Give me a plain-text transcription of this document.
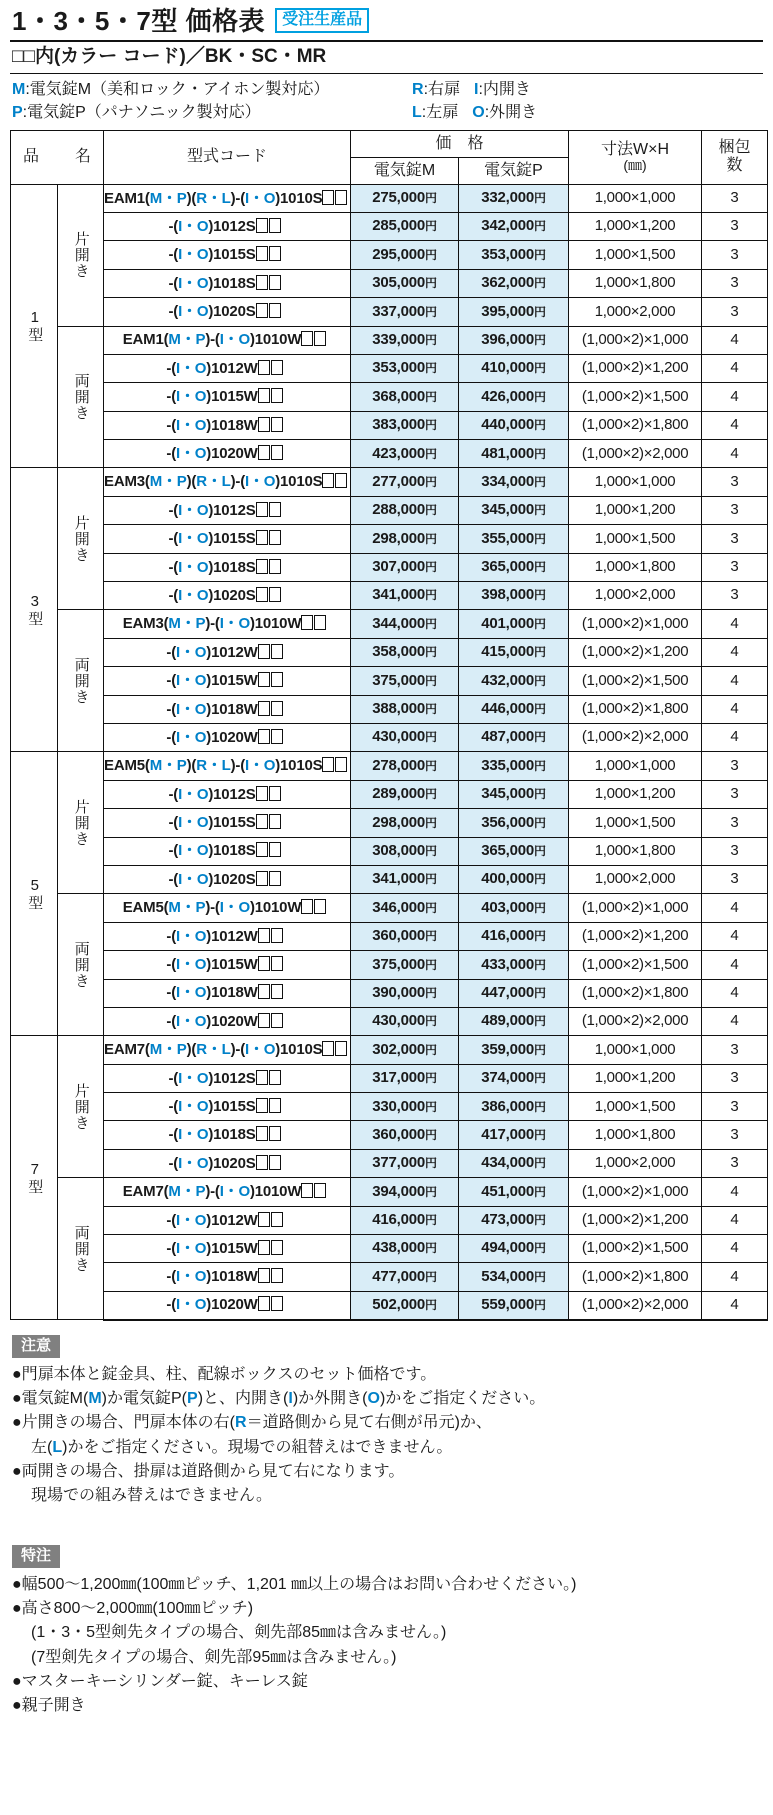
1・3・5・7型 価格表	受注生産品
□□内(カラー コード)／BK・SC・MR
M:電気錠M（美和ロック・アイホン製対応）
P:電気錠P（パナソニック製対応）
R:右扉 I:内開き
L:左扉 O:外開き
品　名	型式コード	価　格	寸法W×H
(㎜)

梱包
数

			電気錠M	電気錠P		
1型	片開き	EAM1(M・P)(R・L)-(I・O)1010S	275,000円	332,000円	1,000×1,000	3
		-(I・O)1012S	285,000円	342,000円	1,000×1,200	3
		-(I・O)1015S	295,000円	353,000円	1,000×1,500	3
		-(I・O)1018S	305,000円	362,000円	1,000×1,800	3
		-(I・O)1020S	337,000円	395,000円	1,000×2,000	3
	両開き	EAM1(M・P)-(I・O)1010W	339,000円	396,000円	(1,000×2)×1,000	4
		-(I・O)1012W	353,000円	410,000円	(1,000×2)×1,200	4
		-(I・O)1015W	368,000円	426,000円	(1,000×2)×1,500	4
		-(I・O)1018W	383,000円	440,000円	(1,000×2)×1,800	4
		-(I・O)1020W	423,000円	481,000円	(1,000×2)×2,000	4
3型	片開き	EAM3(M・P)(R・L)-(I・O)1010S	277,000円	334,000円	1,000×1,000	3
		-(I・O)1012S	288,000円	345,000円	1,000×1,200	3
		-(I・O)1015S	298,000円	355,000円	1,000×1,500	3
		-(I・O)1018S	307,000円	365,000円	1,000×1,800	3
		-(I・O)1020S	341,000円	398,000円	1,000×2,000	3
	両開き	EAM3(M・P)-(I・O)1010W	344,000円	401,000円	(1,000×2)×1,000	4
		-(I・O)1012W	358,000円	415,000円	(1,000×2)×1,200	4
		-(I・O)1015W	375,000円	432,000円	(1,000×2)×1,500	4
		-(I・O)1018W	388,000円	446,000円	(1,000×2)×1,800	4
		-(I・O)1020W	430,000円	487,000円	(1,000×2)×2,000	4
5型	片開き	EAM5(M・P)(R・L)-(I・O)1010S	278,000円	335,000円	1,000×1,000	3
		-(I・O)1012S	289,000円	345,000円	1,000×1,200	3
		-(I・O)1015S	298,000円	356,000円	1,000×1,500	3
		-(I・O)1018S	308,000円	365,000円	1,000×1,800	3
		-(I・O)1020S	341,000円	400,000円	1,000×2,000	3
	両開き	EAM5(M・P)-(I・O)1010W	346,000円	403,000円	(1,000×2)×1,000	4
		-(I・O)1012W	360,000円	416,000円	(1,000×2)×1,200	4
		-(I・O)1015W	375,000円	433,000円	(1,000×2)×1,500	4
		-(I・O)1018W	390,000円	447,000円	(1,000×2)×1,800	4
		-(I・O)1020W	430,000円	489,000円	(1,000×2)×2,000	4
7型	片開き	EAM7(M・P)(R・L)-(I・O)1010S	302,000円	359,000円	1,000×1,000	3
		-(I・O)1012S	317,000円	374,000円	1,000×1,200	3
		-(I・O)1015S	330,000円	386,000円	1,000×1,500	3
		-(I・O)1018S	360,000円	417,000円	1,000×1,800	3
		-(I・O)1020S	377,000円	434,000円	1,000×2,000	3
	両開き	EAM7(M・P)-(I・O)1010W	394,000円	451,000円	(1,000×2)×1,000	4
		-(I・O)1012W	416,000円	473,000円	(1,000×2)×1,200	4
		-(I・O)1015W	438,000円	494,000円	(1,000×2)×1,500	4
		-(I・O)1018W	477,000円	534,000円	(1,000×2)×1,800	4
		-(I・O)1020W	502,000円	559,000円	(1,000×2)×2,000	4
注意
●門扉本体と錠金具、柱、配線ボックスのセット価格です。
●電気錠M(M)か電気錠P(P)と、内開き(I)か外開き(O)かをご指定ください。
●片開きの場合、門扉本体の右(R＝道路側から見て右側が吊元)か、
左(L)かをご指定ください。現場での組替えはできません。
●両開きの場合、掛扉は道路側から見て右になります。
現場での組み替えはできません。
特注
●幅500～1,200㎜(100㎜ピッチ、1,201 ㎜以上の場合はお問い合わせください。)
●高さ800～2,000㎜(100㎜ピッチ)
(1・3・5型剣先タイプの場合、剣先部85㎜は含みません。)
(7型剣先タイプの場合、剣先部95㎜は含みません。)
●マスターキーシリンダー錠、キーレス錠
●親子開き
